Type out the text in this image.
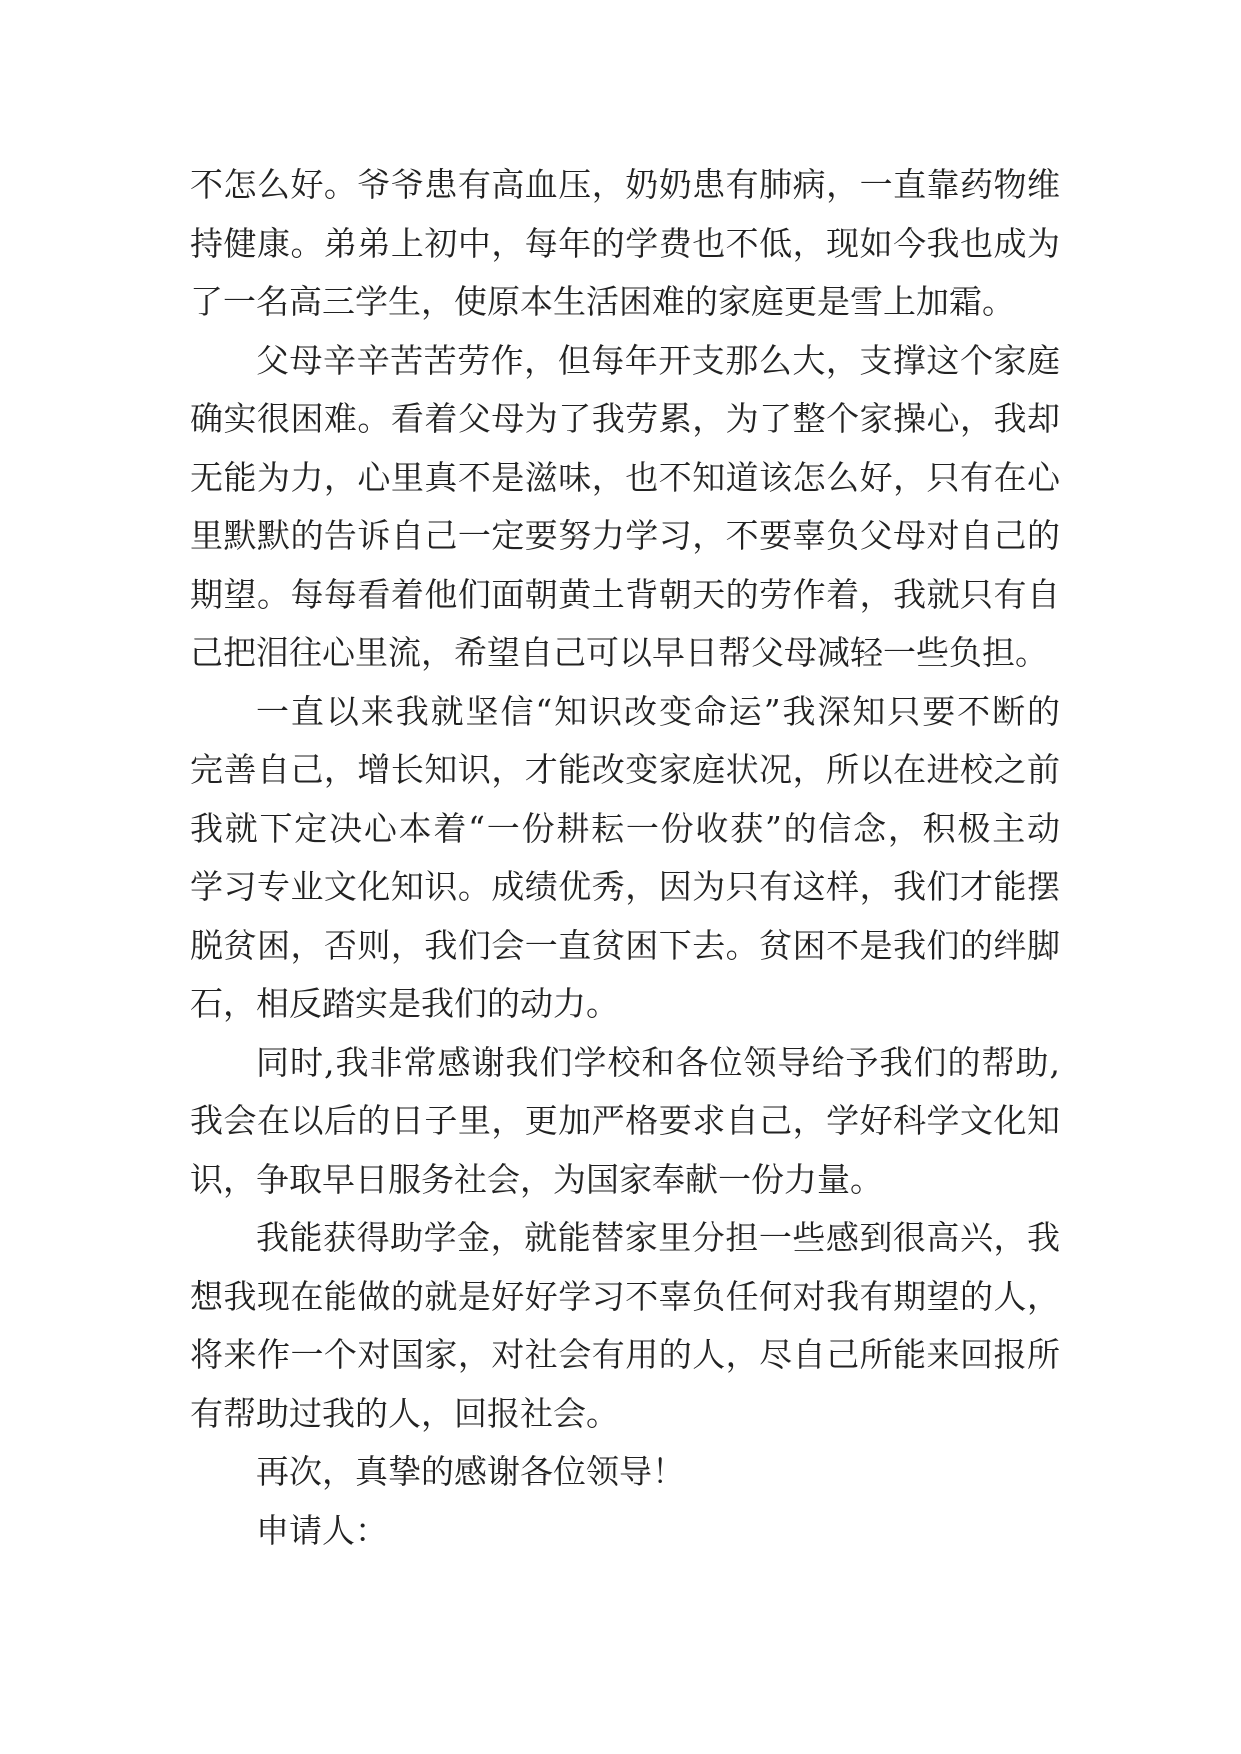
不怎么好。爷爷患有高血压，奶奶患有肺病，一直靠药物维
持健康。弟弟上初中，每年的学费也不低，现如今我也成为
了一名高三学生，使原本生活困难的家庭更是雪上加霜。
父母辛辛苦苦劳作，但每年开支那么大，支撑这个家庭
确实很困难。看着父母为了我劳累，为了整个家操心，我却
无能为力，心里真不是滋味，也不知道该怎么好，只有在心
里默默的告诉自己一定要努力学习，不要辜负父母对自己的
期望。每每看着他们面朝黄土背朝天的劳作着，我就只有自
己把泪往心里流，希望自己可以早日帮父母减轻一些负担。
一直以来我就坚信“知识改变命运”我深知只要不断的
完善自己，增长知识，才能改变家庭状况，所以在进校之前
我就下定决心本着“一份耕耘一份收获”的信念，积极主动
学习专业文化知识。成绩优秀，因为只有这样，我们才能摆
脱贫困，否则，我们会一直贫困下去。贫困不是我们的绊脚
石，相反踏实是我们的动力。
同时,我非常感谢我们学校和各位领导给予我们的帮助,
我会在以后的日子里，更加严格要求自己，学好科学文化知
识，争取早日服务社会，为国家奉献一份力量。
我能获得助学金，就能替家里分担一些感到很高兴，我
想我现在能做的就是好好学习不辜负任何对我有期望的人，
将来作一个对国家，对社会有用的人，尽自己所能来回报所
有帮助过我的人，回报社会。
再次，真挚的感谢各位领导！
申请人：
